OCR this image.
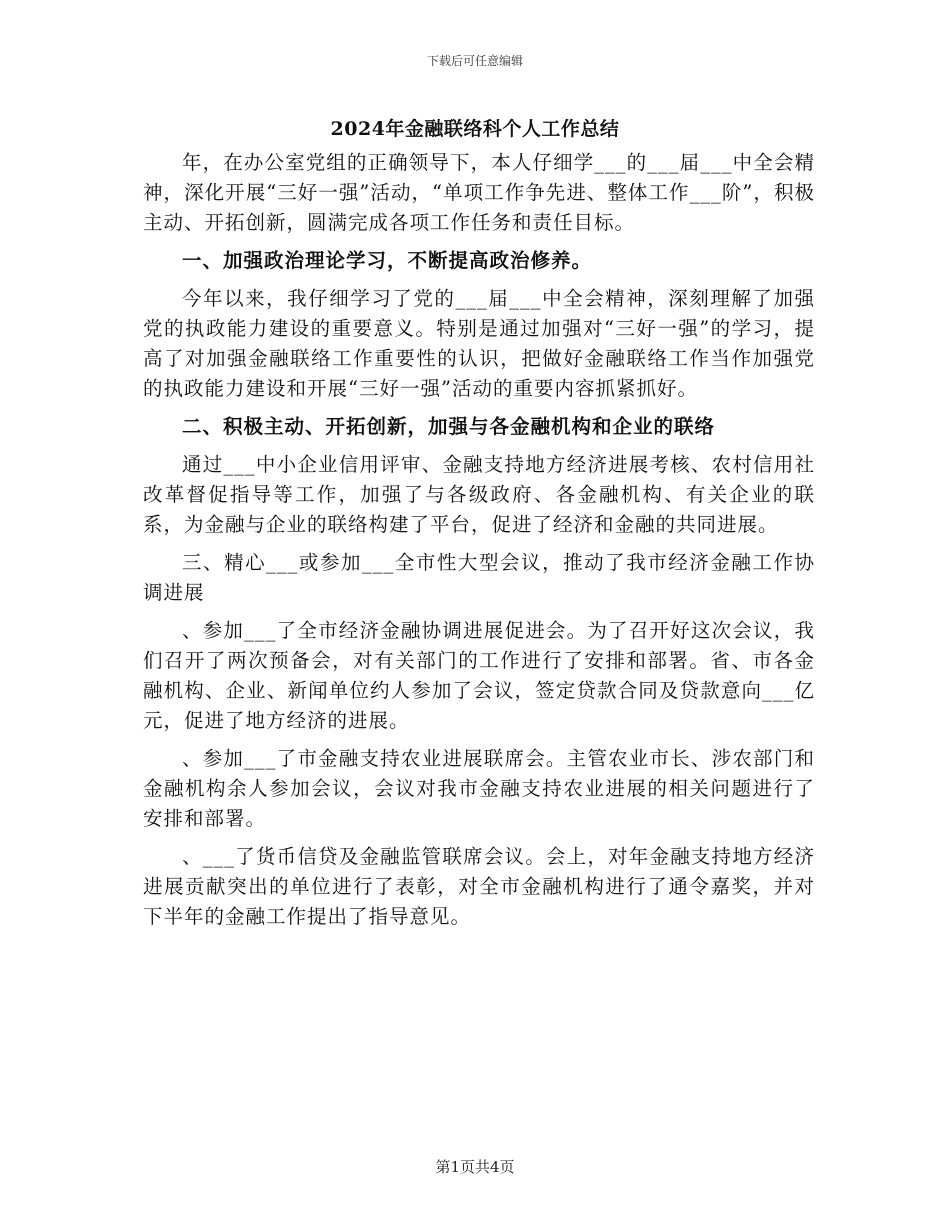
下载后可任意编辑
2024年金融联络科个人工作总结

年，在办公室党组的正确领导下，本人仔细学___的___届___中全会精神，深化开展“三好一强”活动，“单项工作争先进、整体工作___阶”，积极主动、开拓创新，圆满完成各项工作任务和责任目标。

一、加强政治理论学习，不断提高政治修养。

今年以来，我仔细学习了党的___届___中全会精神，深刻理解了加强党的执政能力建设的重要意义。特别是通过加强对“三好一强”的学习，提高了对加强金融联络工作重要性的认识，把做好金融联络工作当作加强党的执政能力建设和开展“三好一强”活动的重要内容抓紧抓好。

二、积极主动、开拓创新，加强与各金融机构和企业的联络

通过___中小企业信用评审、金融支持地方经济进展考核、农村信用社改革督促指导等工作，加强了与各级政府、各金融机构、有关企业的联系，为金融与企业的联络构建了平台，促进了经济和金融的共同进展。

三、精心___或参加___全市性大型会议，推动了我市经济金融工作协调进展

、参加___了全市经济金融协调进展促进会。为了召开好这次会议，我们召开了两次预备会，对有关部门的工作进行了安排和部署。省、市各金融机构、企业、新闻单位约人参加了会议，签定贷款合同及贷款意向___亿元，促进了地方经济的进展。

、参加___了市金融支持农业进展联席会。主管农业市长、涉农部门和金融机构余人参加会议，会议对我市金融支持农业进展的相关问题进行了安排和部署。

、___了货币信贷及金融监管联席会议。会上，对年金融支持地方经济进展贡献突出的单位进行了表彰，对全市金融机构进行了通令嘉奖，并对下半年的金融工作提出了指导意见。

第1页共4页
